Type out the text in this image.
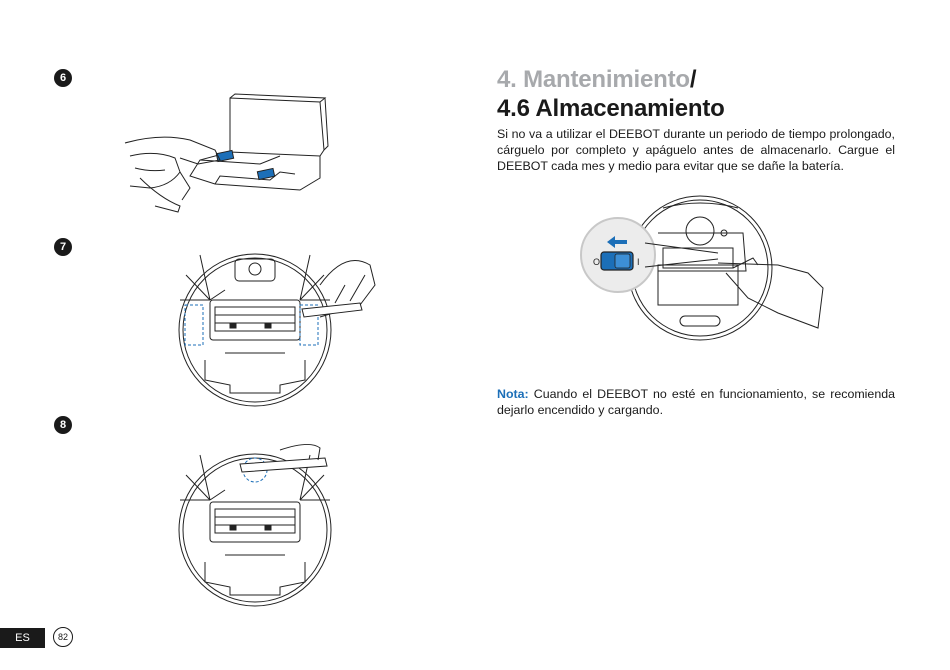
6
7
8
4. Mantenimiento/
4.6 Almacenamiento
Si no va a utilizar el DEEBOT durante un periodo de tiempo prolongado, cárguelo por completo y apáguelo antes de almacenarlo. Cargue el DEEBOT cada mes y medio para evitar que se dañe la batería.
O	I
Nota: Cuando el DEEBOT no esté en funcionamiento, se recomienda dejarlo encendido y cargando.
ES	82
